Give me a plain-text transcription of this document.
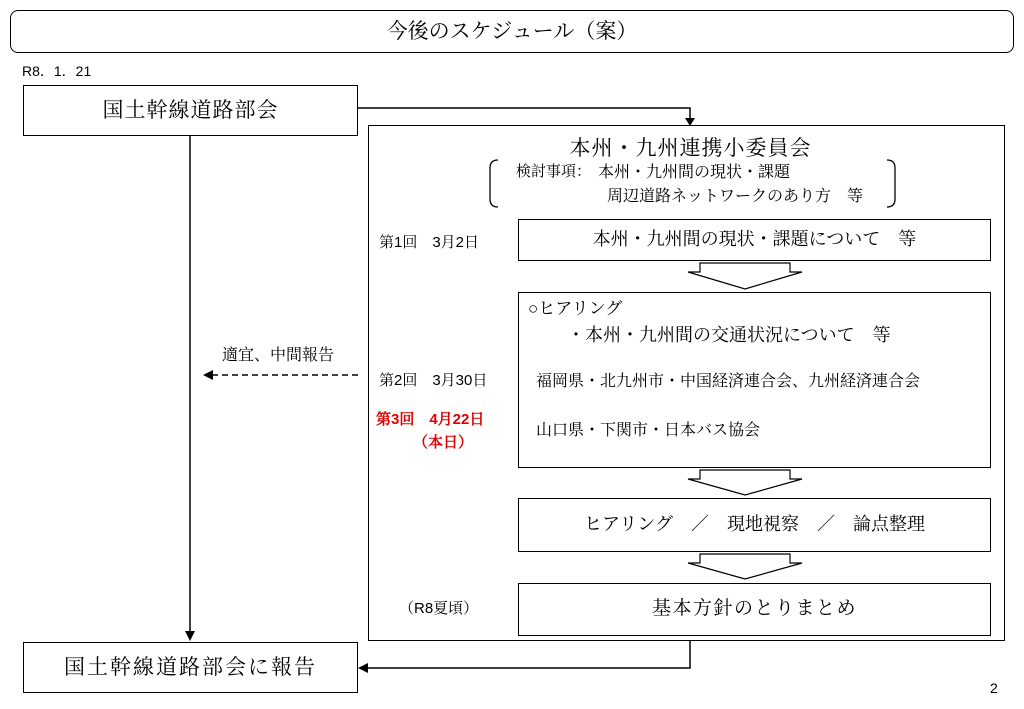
今後のスケジュール（案）
R8．1．21
国土幹線道路部会
適宜、中間報告
国土幹線道路部会に報告
本州・九州連携小委員会
検討事項： 本州・九州間の現状・課題
周辺道路ネットワークのあり方　等
第1回　3月2日	本州・九州間の現状・課題について　等
○ヒアリング
・本州・九州間の交通状況について　等
福岡県・北九州市・中国経済連合会、九州経済連合会
山口県・下関市・日本バス協会
第2回　3月30日
第3回　4月22日
（本日）
ヒアリング　／　現地視察　／　論点整理
（R8夏頃）	基本方針のとりまとめ
2
